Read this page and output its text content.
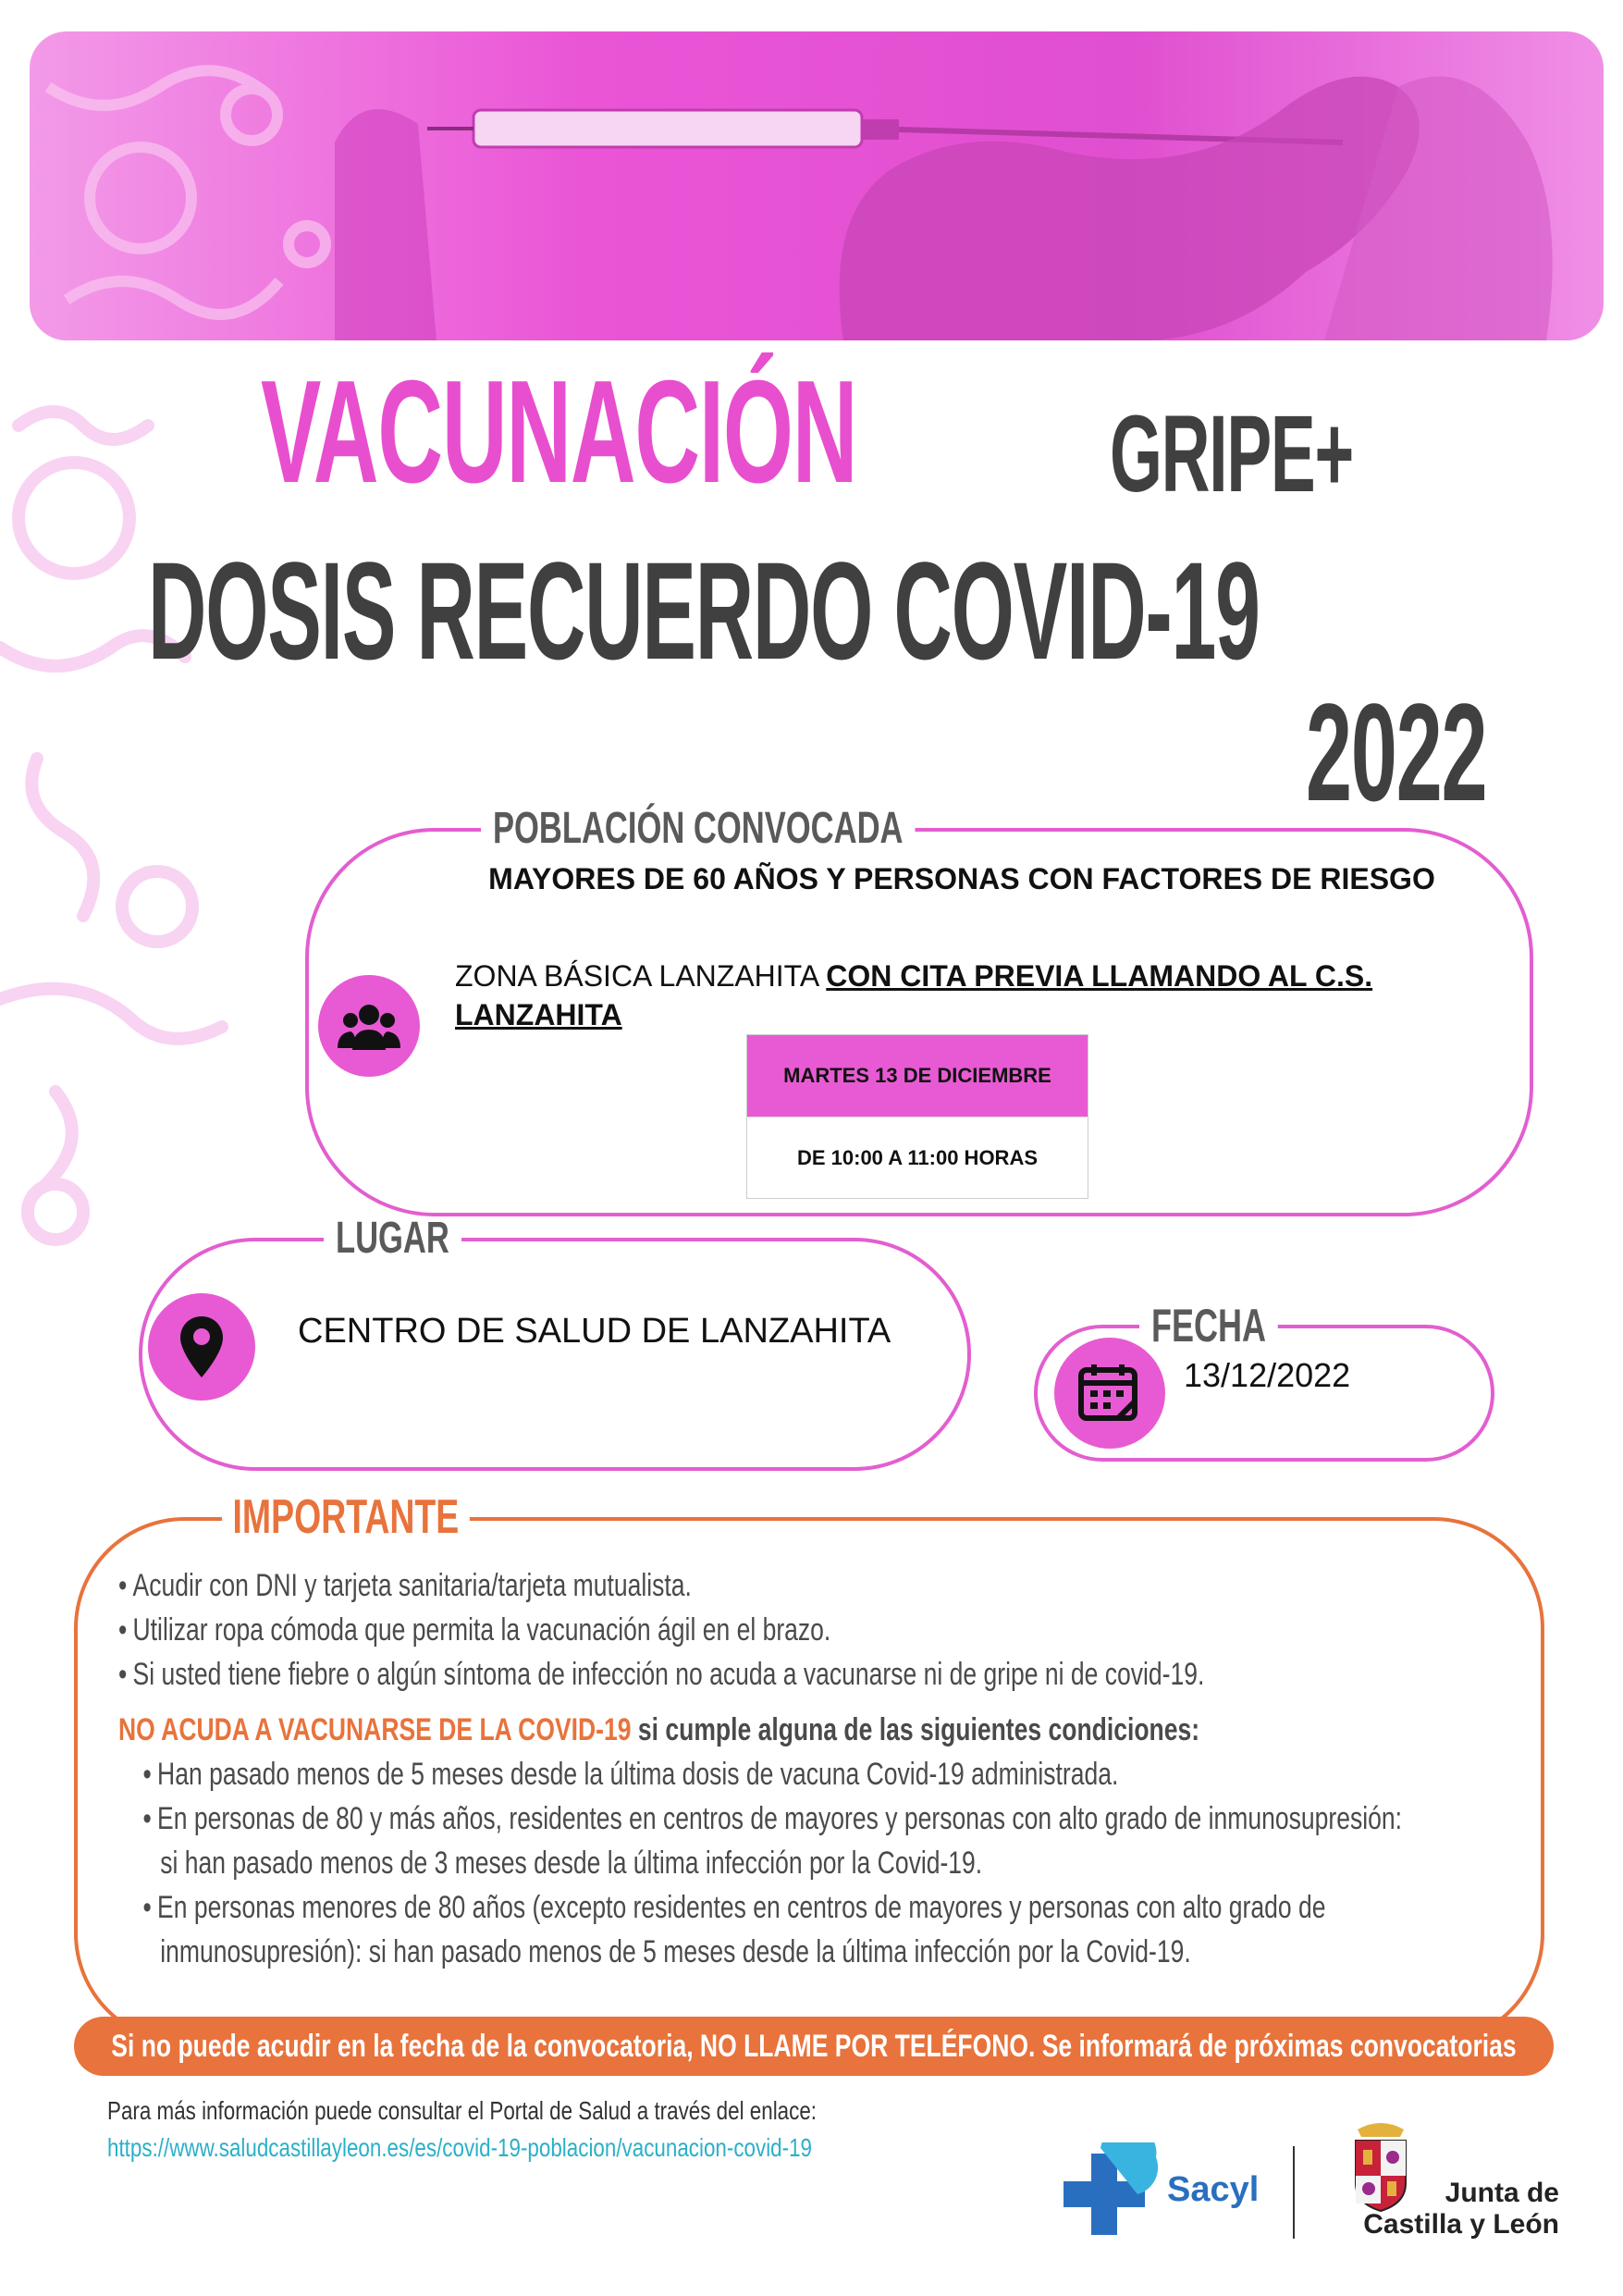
VACUNACIÓN GRIPE+
DOSIS RECUERDO COVID-19
2022
POBLACIÓN CONVOCADA
MAYORES DE 60 AÑOS Y PERSONAS CON FACTORES DE RIESGO
ZONA BÁSICA LANZAHITA CON CITA PREVIA LLAMANDO AL C.S. LANZAHITA
MARTES 13 DE DICIEMBRE
DE 10:00 A 11:00 HORAS
LUGAR
CENTRO DE SALUD DE LANZAHITA	FECHA
13/12/2022
IMPORTANTE
• Acudir con DNI y tarjeta sanitaria/tarjeta mutualista.
• Utilizar ropa cómoda que permita la vacunación ágil en el brazo.
• Si usted tiene fiebre o algún síntoma de infección no acuda a vacunarse ni de gripe ni de covid-19.
NO ACUDA A VACUNARSE DE LA COVID-19 si cumple alguna de las siguientes condiciones:
• Han pasado menos de 5 meses desde la última dosis de vacuna Covid-19 administrada.
• En personas de 80 y más años, residentes en centros de mayores y personas con alto grado de inmunosupresión:
si han pasado menos de 3 meses desde la última infección por la Covid-19.
• En personas menores de 80 años (excepto residentes en centros de mayores y personas con alto grado de
inmunosupresión): si han pasado menos de 5 meses desde la última infección por la Covid-19.
Si no puede acudir en la fecha de la convocatoria, NO LLAME POR TELÉFONO. Se informará de próximas convocatorias
Para más información puede consultar el Portal de Salud a través del enlace:
https://www.saludcastillayleon.es/es/covid-19-poblacion/vacunacion-covid-19
Sacyl	Junta de
Castilla y León
